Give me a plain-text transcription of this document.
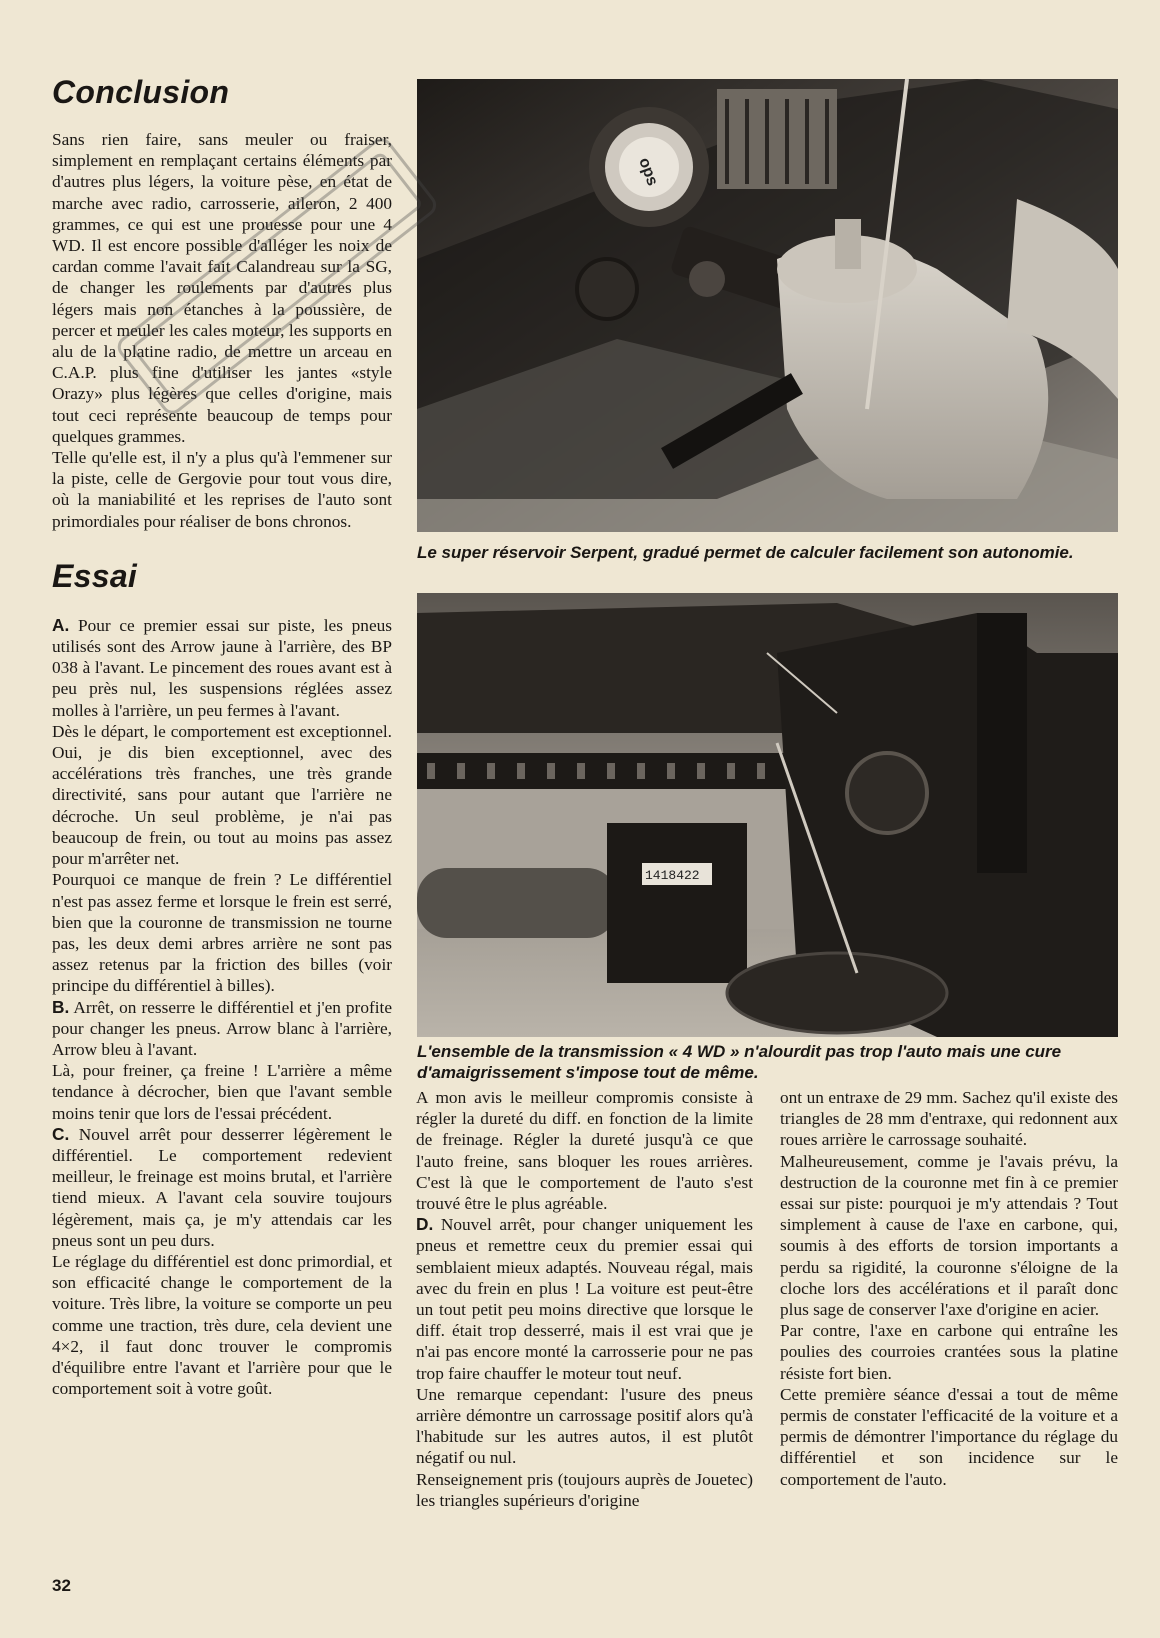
Conclusion

Sans rien faire, sans meuler ou fraiser, simplement en remplaçant certains éléments par d'autres plus légers, la voiture pèse, en état de marche avec radio, carrosserie, aileron, 2 400 grammes, ce qui est une prouesse pour une 4 WD. Il est encore possible d'alléger les noix de cardan comme l'avait fait Calandreau sur la SG, de changer les roulements par d'autres plus légers mais non étanches à la poussière, de percer et meuler les cales moteur, les supports en alu de la platine radio, de mettre un arceau en C.A.P. plus fine d'utiliser les jantes «style Orazy» plus légères que celles d'origine, mais tout ceci représente beaucoup de temps pour quelques grammes.

Telle qu'elle est, il n'y a plus qu'à l'emmener sur la piste, celle de Gergovie pour tout vous dire, où la maniabilité et les reprises de l'auto sont primordiales pour réaliser de bons chronos.

Essai

A. Pour ce premier essai sur piste, les pneus utilisés sont des Arrow jaune à l'arrière, des BP 038 à l'avant. Le pincement des roues avant est à peu près nul, les suspensions réglées assez molles à l'arrière, un peu fermes à l'avant.

Dès le départ, le comportement est exceptionnel. Oui, je dis bien exceptionnel, avec des accélérations très franches, une très grande directivité, sans pour autant que l'arrière ne décroche. Un seul problème, je n'ai pas beaucoup de frein, ou tout au moins pas assez pour m'arrêter net.

Pourquoi ce manque de frein ? Le différentiel n'est pas assez ferme et lorsque le frein est serré, bien que la couronne de transmission ne tourne pas, les deux demi arbres arrière ne sont pas assez retenus par la friction des billes (voir principe du différentiel à billes).

B. Arrêt, on resserre le différentiel et j'en profite pour changer les pneus. Arrow blanc à l'arrière, Arrow bleu à l'avant.

Là, pour freiner, ça freine ! L'arrière a même tendance à décrocher, bien que l'avant semble moins tenir que lors de l'essai précédent.

C. Nouvel arrêt pour desserrer légèrement le différentiel. Le comportement redevient meilleur, le freinage est moins brutal, et l'arrière tiend mieux. A l'avant cela souvire toujours légèrement, mais ça, je m'y attendais car les pneus sont un peu durs.

Le réglage du différentiel est donc primordial, et son efficacité change le comportement de la voiture. Très libre, la voiture se comporte un peu comme une traction, très dure, cela devient une 4×2, il faut donc trouver le compromis d'équilibre entre l'avant et l'arrière pour que le comportement soit à votre goût.

ops
Le super réservoir Serpent, gradué permet de calculer facilement son autonomie.
1418422
L'ensemble de la transmission « 4 WD » n'alourdit pas trop l'auto mais une cure d'amaigrissement s'impose tout de même.

A mon avis le meilleur compromis consiste à régler la dureté du diff. en fonction de la limite de freinage. Régler la dureté jusqu'à ce que l'auto freine, sans bloquer les roues arrières. C'est là que le comportement de l'auto s'est trouvé être le plus agréable.

D. Nouvel arrêt, pour changer uniquement les pneus et remettre ceux du premier essai qui semblaient mieux adaptés. Nouveau régal, mais avec du frein en plus ! La voiture est peut-être un tout petit peu moins directive que lorsque le diff. était trop desserré, mais il est vrai que je n'ai pas encore monté la carrosserie pour ne pas trop faire chauffer le moteur tout neuf.

Une remarque cependant: l'usure des pneus arrière démontre un carrossage positif alors qu'à l'habitude sur les autres autos, il est plutôt négatif ou nul.

Renseignement pris (toujours auprès de Jouetec) les triangles supérieurs d'origine

ont un entraxe de 29 mm. Sachez qu'il existe des triangles de 28 mm d'entraxe, qui redonnent aux roues arrière le carrossage souhaité.

Malheureusement, comme je l'avais prévu, la destruction de la couronne met fin à ce premier essai sur piste: pourquoi je m'y attendais ? Tout simplement à cause de l'axe en carbone, qui, soumis à des efforts de torsion importants a perdu sa rigidité, la couronne s'éloigne de la cloche lors des accélérations et il paraît donc plus sage de conserver l'axe d'origine en acier.

Par contre, l'axe en carbone qui entraîne les poulies des courroies crantées sous la platine résiste fort bien.

Cette première séance d'essai a tout de même permis de constater l'efficacité de la voiture et a permis de démontrer l'importance du réglage du différentiel et son incidence sur le comportement de l'auto.

32
